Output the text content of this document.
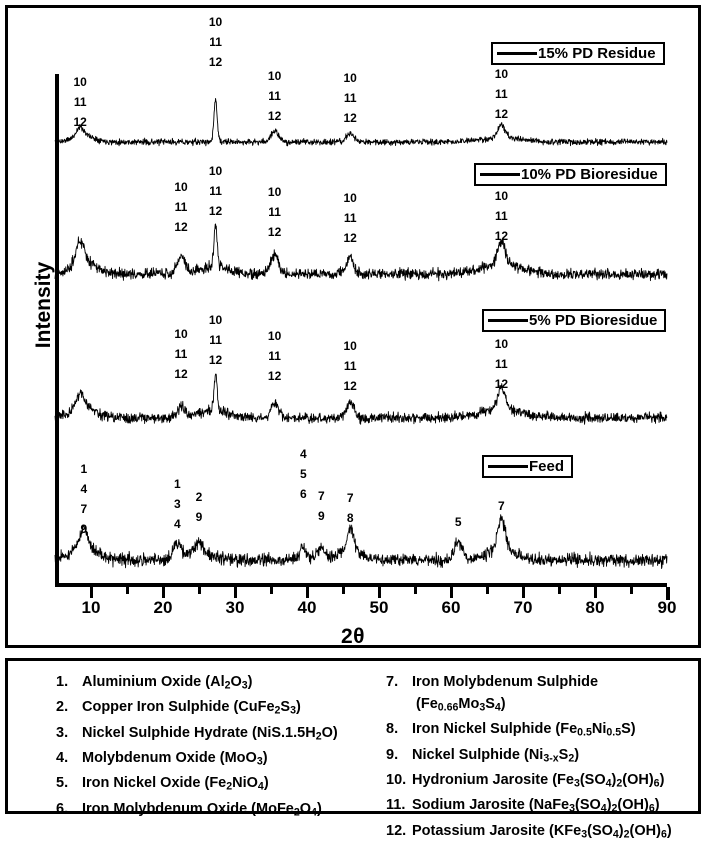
Intensity
10	20	30	40	50	60	70	80	90
2θ
15% PD Residue
10% PD Bioresidue
5% PD Bioresidue
Feed
10
11
12
10
11
12
10
11
12
10
11
12
10
11
12
10
11
12
10
11
12
10
11
12
10
11
12
10
11
12
10
11
12
10
11
12
10
11
12
10
11
12
10
11
12
1
4
7
9
1
3
4
2
9
4
5
6 7
9
7
8	5
7
1. Aluminium Oxide $(Al_2O_3)$
2. Copper Iron Sulphide $(CuFe_2S_3)$
3. Nickel Sulphide Hydrate $(NiS.1.5H_2O)$
4. Molybdenum Oxide (MoO$_3$)
5. Iron Nickel Oxide $(Fe_2NiO_4)$
6. Iron Molybdenum Oxide $(MoFe_2O_4)$
7. Iron Molybdenum Sulphide
$(Fe_{0.66}Mo_3S_4)$
8. Iron Nickel Sulphide $(Fe_{0.5}Ni_{0.5}S)$
9. Nickel Sulphide $(Ni_{3-x}S_2)$
10. Hydronium Jarosite $(Fe_3(SO_4)_2(OH)_6)$
11. Sodium Jarosite $(NaFe_3(SO_4)_2(OH)_6)$
12. Potassium Jarosite $(KFe_3(SO_4)_2(OH)_6)$
